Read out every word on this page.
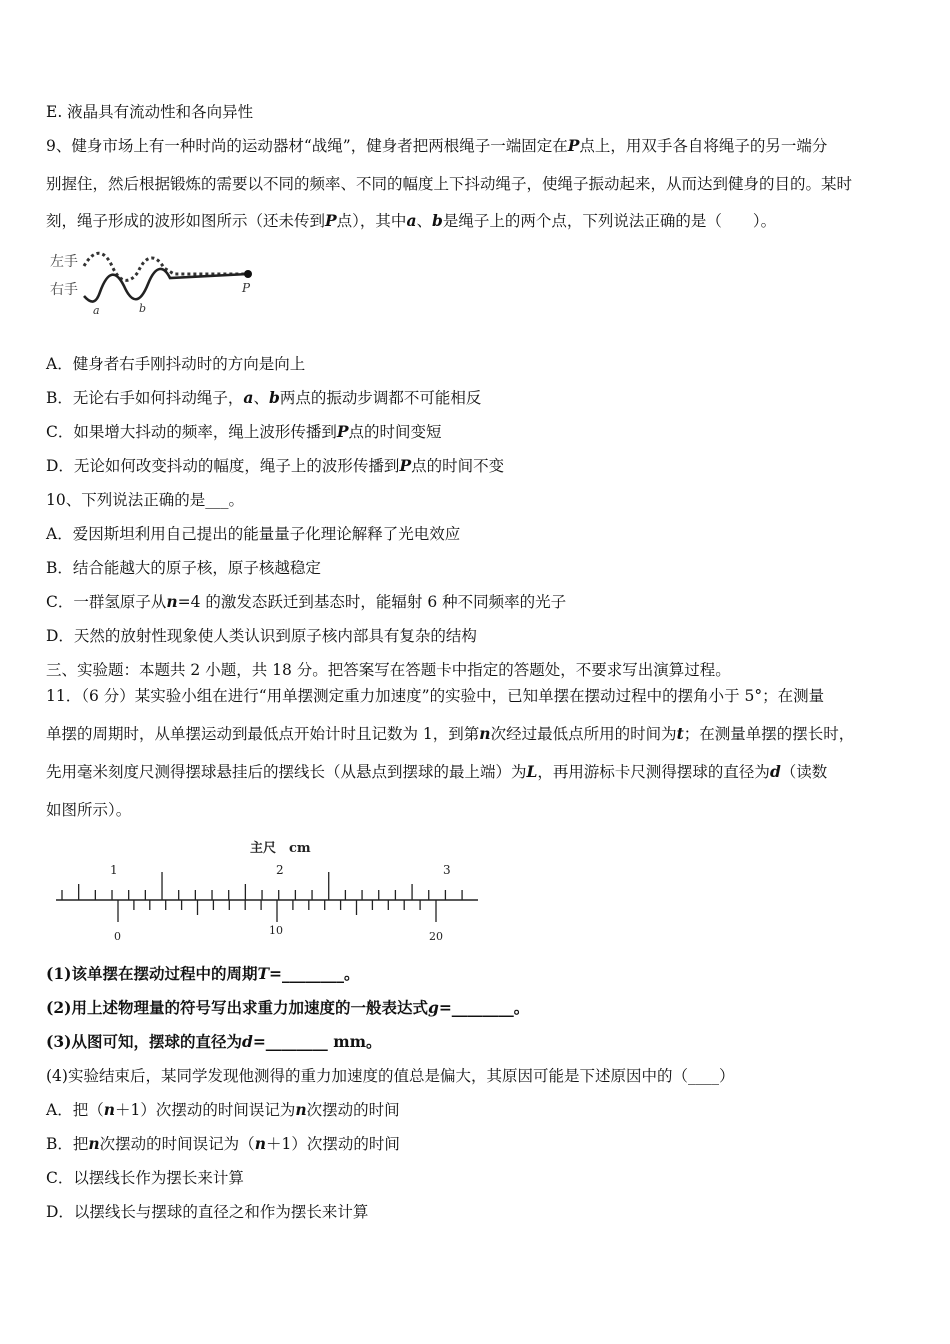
E. 液晶具有流动性和各向异性
9、健身市场上有一种时尚的运动器材“战绳”，健身者把两根绳子一端固定在P点上，用双手各自将绳子的另一端分
别握住，然后根据锻炼的需要以不同的频率、不同的幅度上下抖动绳子，使绳子振动起来，从而达到健身的目的。某时
刻，绳子形成的波形如图所示（还未传到P点），其中a、b是绳子上的两个点，下列说法正确的是（　　）。
左手
右手	P
a	b
A．健身者右手刚抖动时的方向是向上
B．无论右手如何抖动绳子，a、b两点的振动步调都不可能相反
C．如果增大抖动的频率，绳上波形传播到P点的时间变短
D．无论如何改变抖动的幅度，绳子上的波形传播到P点的时间不变
10、下列说法正确的是___。
A．爱因斯坦利用自己提出的能量量子化理论解释了光电效应
B．结合能越大的原子核，原子核越稳定
C．一群氢原子从n=4 的激发态跃迁到基态时，能辐射 6 种不同频率的光子
D．天然的放射性现象使人类认识到原子核内部具有复杂的结构
三、实验题：本题共 2 小题，共 18 分。把答案写在答题卡中指定的答题处，不要求写出演算过程。
11．（6 分）某实验小组在进行“用单摆测定重力加速度”的实验中，已知单摆在摆动过程中的摆角小于 5°；在测量
单摆的周期时，从单摆运动到最低点开始计时且记数为 1，到第n次经过最低点所用的时间为t；在测量单摆的摆长时，
先用毫米刻度尺测得摆球悬挂后的摆线长（从悬点到摆球的最上端）为L，再用游标卡尺测得摆球的直径为d（读数
如图所示）。
主尺　cm
1	2	3
0	10	20
(1)该单摆在摆动过程中的周期T=________。
(2)用上述物理量的符号写出求重力加速度的一般表达式g=________。
(3)从图可知，摆球的直径为d=________ mm。
(4)实验结束后，某同学发现他测得的重力加速度的值总是偏大，其原因可能是下述原因中的（____）
A．把（n＋1）次摆动的时间误记为n次摆动的时间
B．把n次摆动的时间误记为（n＋1）次摆动的时间
C．以摆线长作为摆长来计算
D．以摆线长与摆球的直径之和作为摆长来计算
